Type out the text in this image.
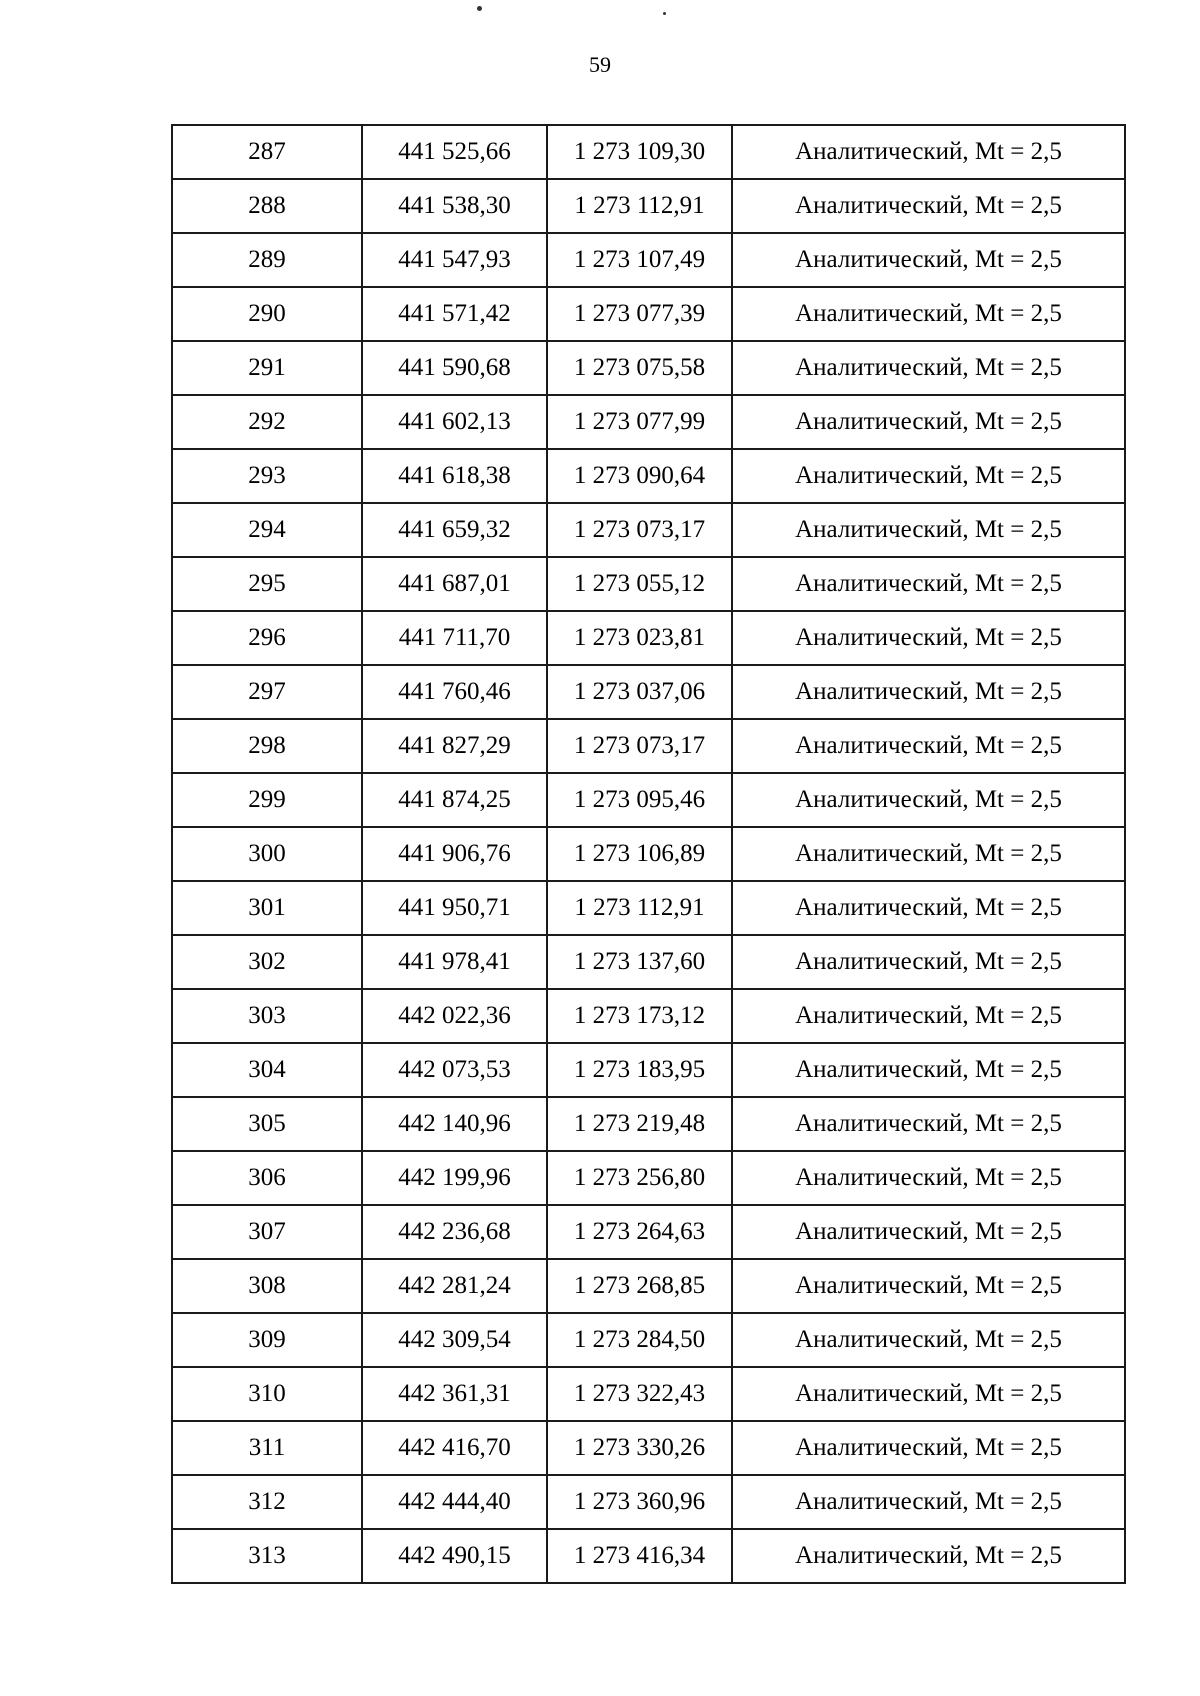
59
287	441 525,66	1 273 109,30	Аналитический, Mt = 2,5
288	441 538,30	1 273 112,91	Аналитический, Mt = 2,5
289	441 547,93	1 273 107,49	Аналитический, Mt = 2,5
290	441 571,42	1 273 077,39	Аналитический, Mt = 2,5
291	441 590,68	1 273 075,58	Аналитический, Mt = 2,5
292	441 602,13	1 273 077,99	Аналитический, Mt = 2,5
293	441 618,38	1 273 090,64	Аналитический, Mt = 2,5
294	441 659,32	1 273 073,17	Аналитический, Mt = 2,5
295	441 687,01	1 273 055,12	Аналитический, Mt = 2,5
296	441 711,70	1 273 023,81	Аналитический, Mt = 2,5
297	441 760,46	1 273 037,06	Аналитический, Mt = 2,5
298	441 827,29	1 273 073,17	Аналитический, Mt = 2,5
299	441 874,25	1 273 095,46	Аналитический, Mt = 2,5
300	441 906,76	1 273 106,89	Аналитический, Mt = 2,5
301	441 950,71	1 273 112,91	Аналитический, Mt = 2,5
302	441 978,41	1 273 137,60	Аналитический, Mt = 2,5
303	442 022,36	1 273 173,12	Аналитический, Mt = 2,5
304	442 073,53	1 273 183,95	Аналитический, Mt = 2,5
305	442 140,96	1 273 219,48	Аналитический, Mt = 2,5
306	442 199,96	1 273 256,80	Аналитический, Mt = 2,5
307	442 236,68	1 273 264,63	Аналитический, Mt = 2,5
308	442 281,24	1 273 268,85	Аналитический, Mt = 2,5
309	442 309,54	1 273 284,50	Аналитический, Mt = 2,5
310	442 361,31	1 273 322,43	Аналитический, Mt = 2,5
311	442 416,70	1 273 330,26	Аналитический, Mt = 2,5
312	442 444,40	1 273 360,96	Аналитический, Mt = 2,5
313	442 490,15	1 273 416,34	Аналитический, Mt = 2,5
